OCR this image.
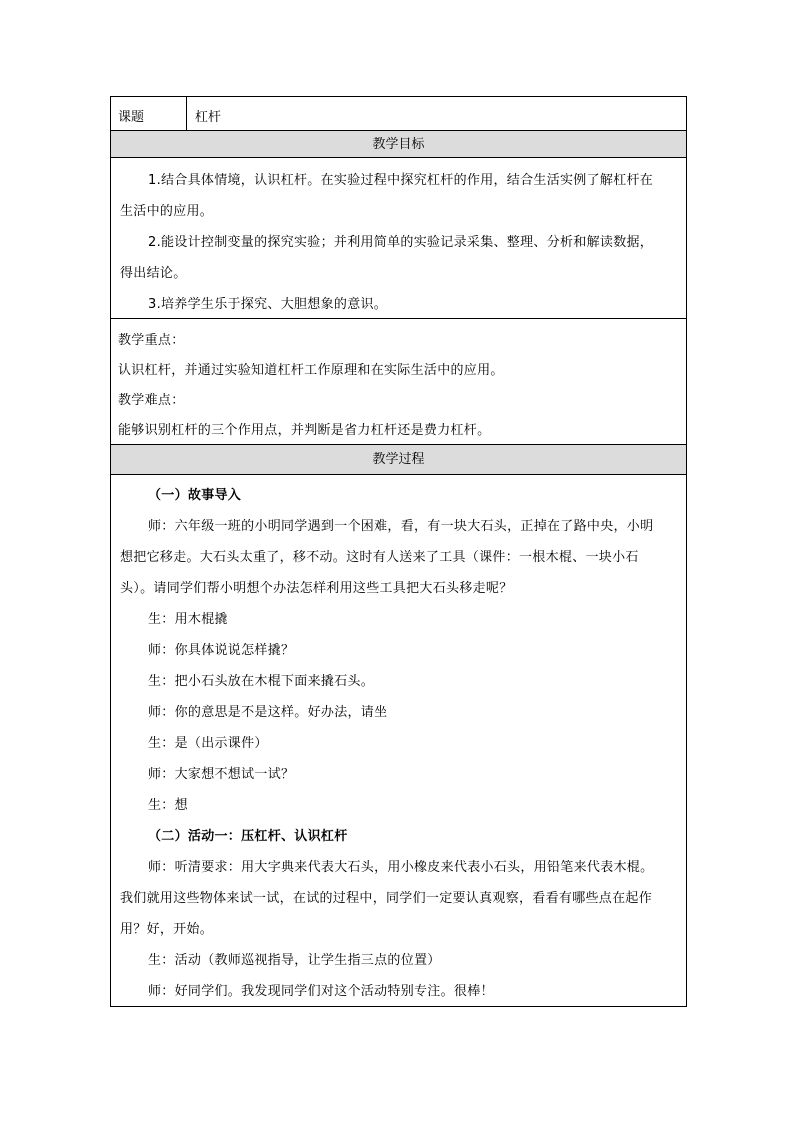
课题	杠杆
教学目标
1.结合具体情境，认识杠杆。在实验过程中探究杠杆的作用，结合生活实例了解杠杆在
生活中的应用。
2.能设计控制变量的探究实验；并利用简单的实验记录采集、整理、分析和解读数据，
得出结论。
3.培养学生乐于探究、大胆想象的意识。
教学重点：
认识杠杆，并通过实验知道杠杆工作原理和在实际生活中的应用。
教学难点：
能够识别杠杆的三个作用点，并判断是省力杠杆还是费力杠杆。
教学过程
（一）故事导入
师：六年级一班的小明同学遇到一个困难，看，有一块大石头，正掉在了路中央，小明
想把它移走。大石头太重了，移不动。这时有人送来了工具（课件：一根木棍、一块小石
头）。请同学们帮小明想个办法怎样利用这些工具把大石头移走呢？
生：用木棍撬
师：你具体说说怎样撬？
生：把小石头放在木棍下面来撬石头。
师：你的意思是不是这样。好办法，请坐
生：是（出示课件）
师：大家想不想试一试？
生：想
（二）活动一：压杠杆、认识杠杆
师：听清要求：用大字典来代表大石头，用小橡皮来代表小石头，用铅笔来代表木棍。
我们就用这些物体来试一试，在试的过程中，同学们一定要认真观察，看看有哪些点在起作
用？好，开始。
生：活动（教师巡视指导，让学生指三点的位置）
师：好同学们。我发现同学们对这个活动特别专注。很棒！
